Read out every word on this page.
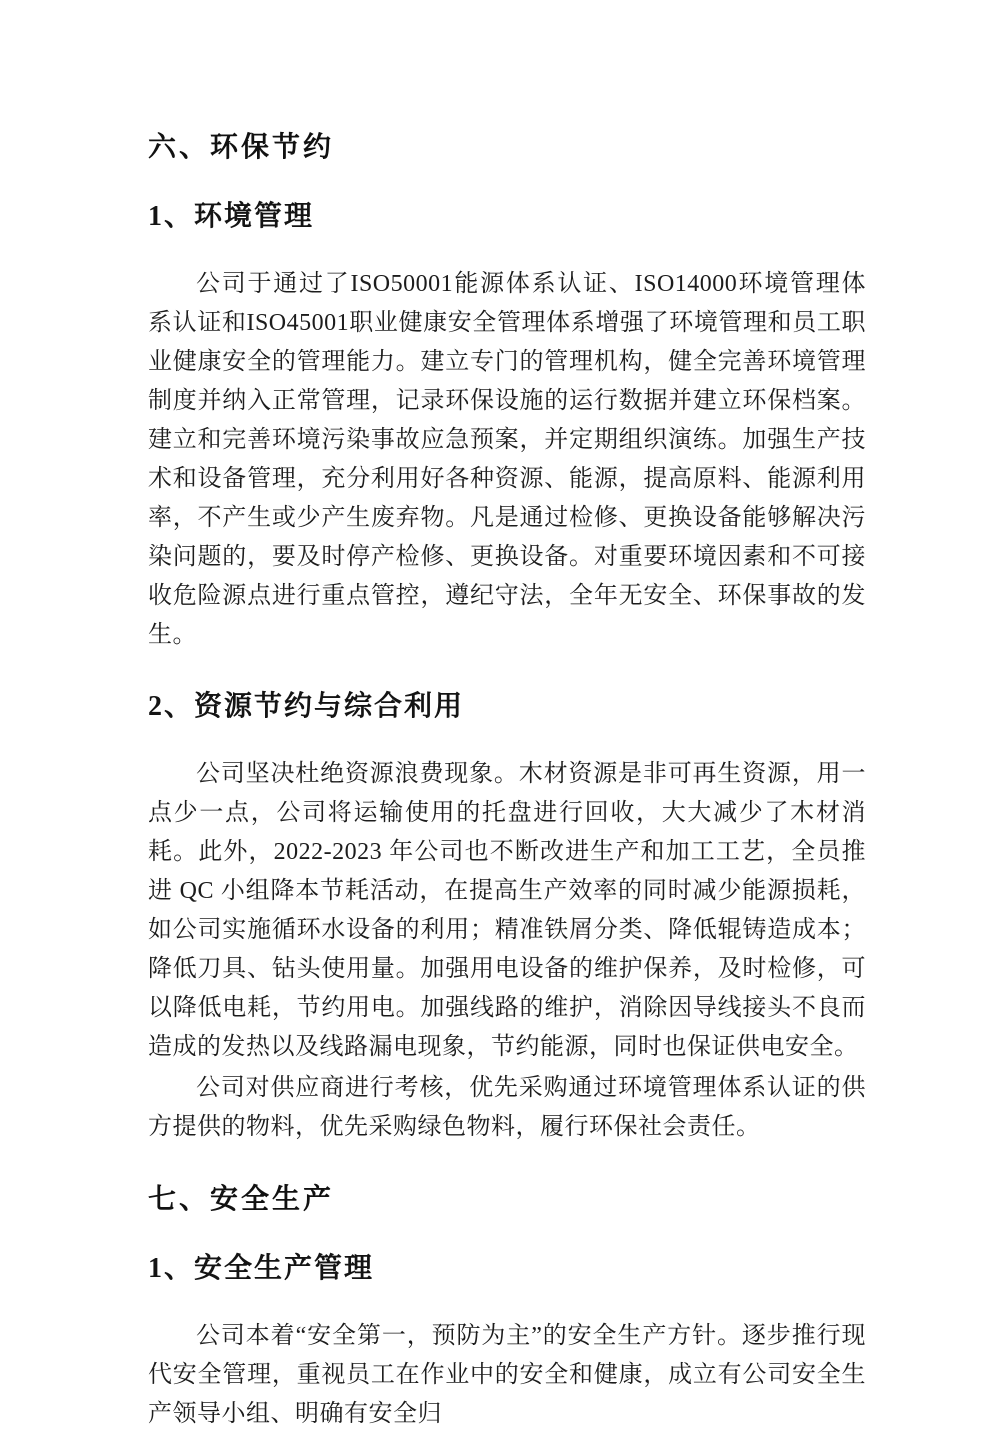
六、环保节约
1、环境管理

公司于通过了ISO50001能源体系认证、ISO14000环境管理体系认证和ISO45001职业健康安全管理体系增强了环境管理和员工职业健康安全的管理能力。建立专门的管理机构，健全完善环境管理制度并纳入正常管理，记录环保设施的运行数据并建立环保档案。建立和完善环境污染事故应急预案，并定期组织演练。加强生产技术和设备管理，充分利用好各种资源、能源，提高原料、能源利用率，不产生或少产生废弃物。凡是通过检修、更换设备能够解决污染问题的，要及时停产检修、更换设备。对重要环境因素和不可接收危险源点进行重点管控，遵纪守法，全年无安全、环保事故的发生。

2、资源节约与综合利用

公司坚决杜绝资源浪费现象。木材资源是非可再生资源，用一点少一点，公司将运输使用的托盘进行回收，大大减少了木材消耗。此外，2022-2023 年公司也不断改进生产和加工工艺，全员推进 QC 小组降本节耗活动，在提高生产效率的同时减少能源损耗，如公司实施循环水设备的利用；精准铁屑分类、降低辊铸造成本；降低刀具、钻头使用量。加强用电设备的维护保养，及时检修，可以降低电耗，节约用电。加强线路的维护，消除因导线接头不良而造成的发热以及线路漏电现象，节约能源，同时也保证供电安全。

公司对供应商进行考核，优先采购通过环境管理体系认证的供方提供的物料，优先采购绿色物料，履行环保社会责任。

七、安全生产
1、安全生产管理

公司本着“安全第一，预防为主”的安全生产方针。逐步推行现代安全管理，重视员工在作业中的安全和健康，成立有公司安全生产领导小组、明确有安全归
